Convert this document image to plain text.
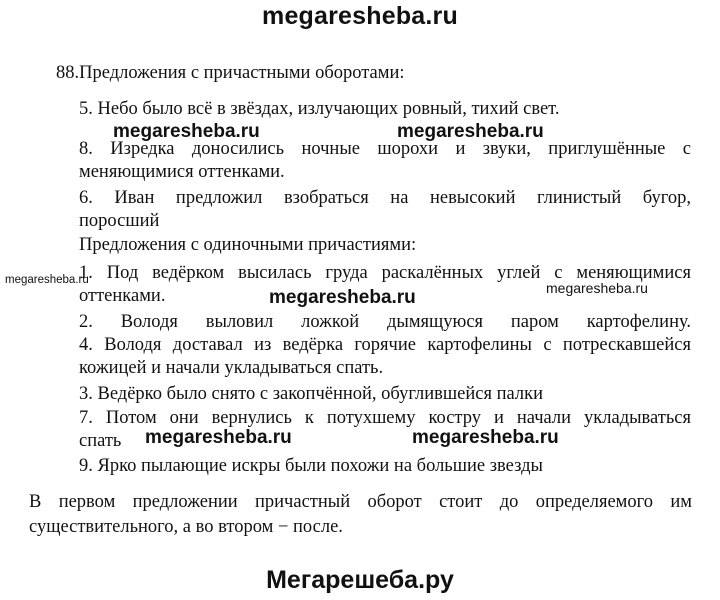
megaresheba.ru
88.Предложения с причастными оборотами:
5. Небо было всё в звёздах, излучающих ровный, тихий свет.
megaresheba.ru	megaresheba.ru
8. Изредка доносились ночные шорохи и звуки, приглушённые с
меняющимися оттенками.
6. Иван предложил взобраться на невысокий глинистый бугор,
поросший
Предложения с одиночными причастиями:
megaresheba.ru
1. Под ведёрком высилась груда раскалённых углей с меняющимися
оттенками.	megaresheba.ru	megaresheba.ru
2. Володя выловил ложкой дымящуюся паром картофелину.
4. Володя доставал из ведёрка горячие картофелины с потрескавшейся
кожицей и начали укладываться спать.
3. Ведёрко было снято с закопчённой, обуглившейся палки
7. Потом они вернулись к потухшему костру и начали укладываться
спать megaresheba.ru	megaresheba.ru
9. Ярко пылающие искры были похожи на большие звезды
В первом предложении причастный оборот стоит до определяемого им
существительного, а во втором − после.
Мегарешеба.ру
